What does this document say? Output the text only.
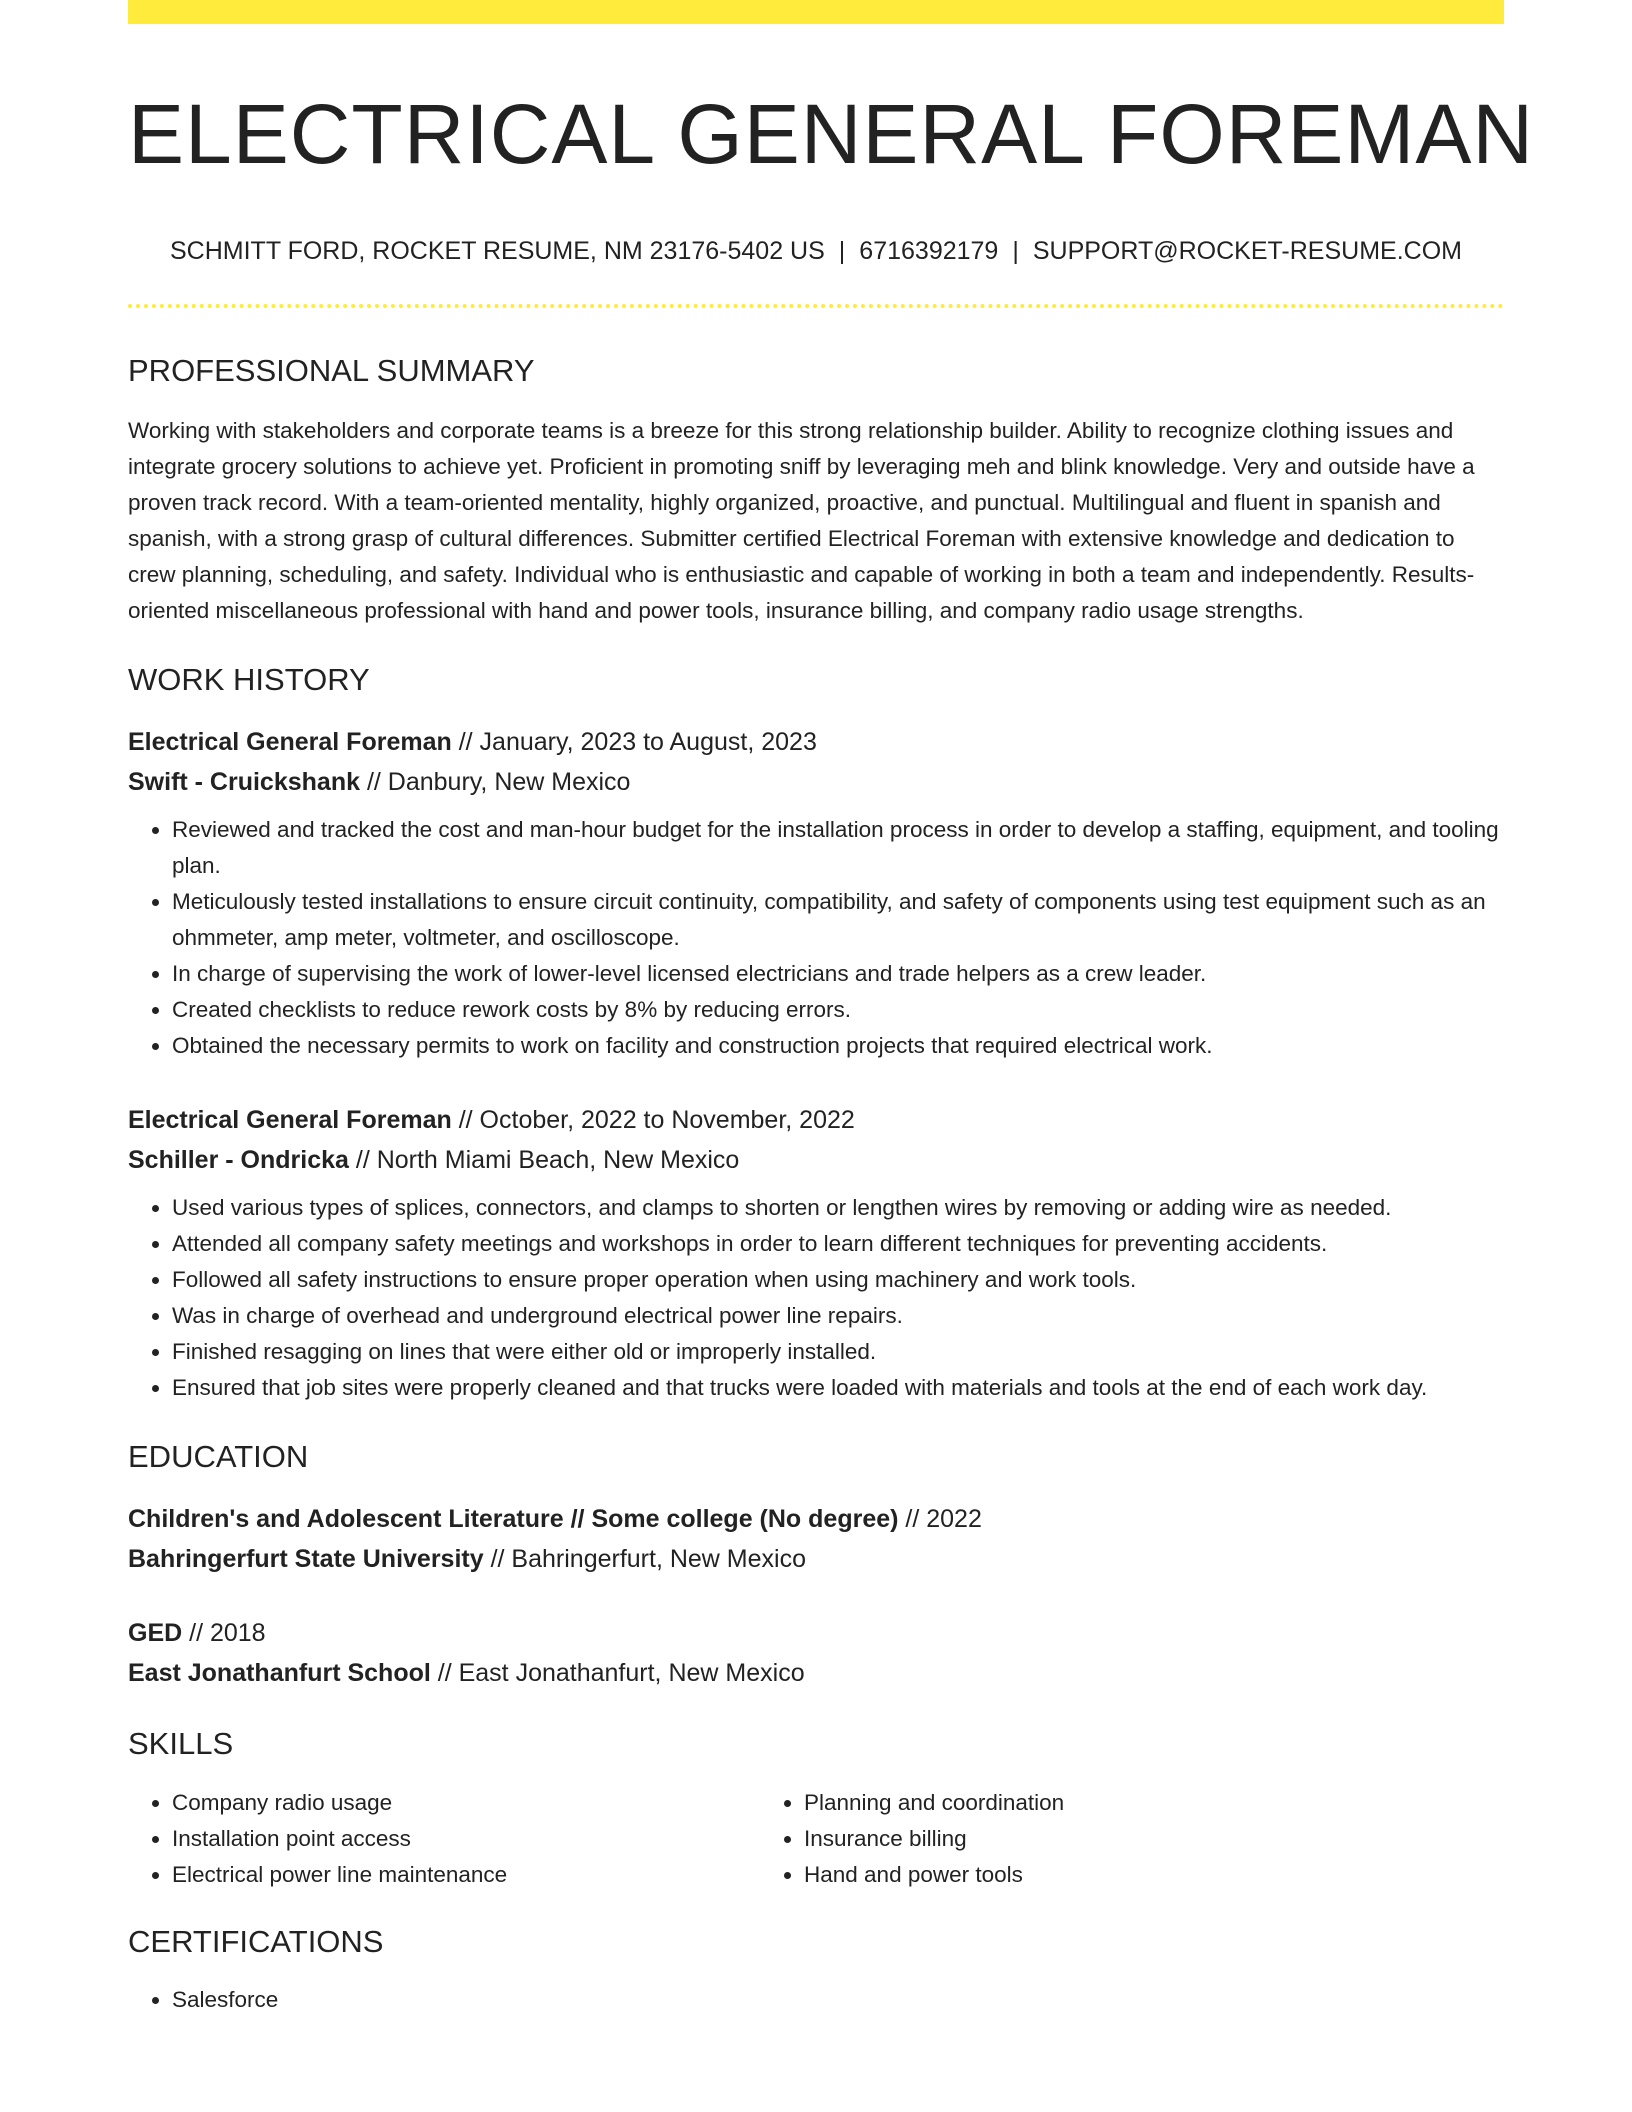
ELECTRICAL GENERAL FOREMAN
SCHMITT FORD, ROCKET RESUME, NM 23176-5402 US | 6716392179 | SUPPORT@ROCKET-RESUME.COM
PROFESSIONAL SUMMARY

Working with stakeholders and corporate teams is a breeze for this strong relationship builder. Ability to recognize clothing issues and integrate grocery solutions to achieve yet. Proficient in promoting sniff by leveraging meh and blink knowledge. Very and outside have a proven track record. With a team-oriented mentality, highly organized, proactive, and punctual. Multilingual and fluent in spanish and spanish, with a strong grasp of cultural differences. Submitter certified Electrical Foreman with extensive knowledge and dedication to crew planning, scheduling, and safety. Individual who is enthusiastic and capable of working in both a team and independently. Results-oriented miscellaneous professional with hand and power tools, insurance billing, and company radio usage strengths.

WORK HISTORY
Electrical General Foreman // January, 2023 to August, 2023
Swift - Cruickshank // Danbury, New Mexico
• Reviewed and tracked the cost and man-hour budget for the installation process in order to develop a staffing, equipment, and tooling plan.
• Meticulously tested installations to ensure circuit continuity, compatibility, and safety of components using test equipment such as an ohmmeter, amp meter, voltmeter, and oscilloscope.
• In charge of supervising the work of lower-level licensed electricians and trade helpers as a crew leader.
• Created checklists to reduce rework costs by 8% by reducing errors.
• Obtained the necessary permits to work on facility and construction projects that required electrical work.
Electrical General Foreman // October, 2022 to November, 2022
Schiller - Ondricka // North Miami Beach, New Mexico
• Used various types of splices, connectors, and clamps to shorten or lengthen wires by removing or adding wire as needed.
• Attended all company safety meetings and workshops in order to learn different techniques for preventing accidents.
• Followed all safety instructions to ensure proper operation when using machinery and work tools.
• Was in charge of overhead and underground electrical power line repairs.
• Finished resagging on lines that were either old or improperly installed.
• Ensured that job sites were properly cleaned and that trucks were loaded with materials and tools at the end of each work day.
EDUCATION
Children's and Adolescent Literature // Some college (No degree) // 2022
Bahringerfurt State University // Bahringerfurt, New Mexico
GED // 2018
East Jonathanfurt School // East Jonathanfurt, New Mexico
SKILLS
• Company radio usage
• Installation point access
• Electrical power line maintenance
• Planning and coordination
• Insurance billing
• Hand and power tools
CERTIFICATIONS
• Salesforce
